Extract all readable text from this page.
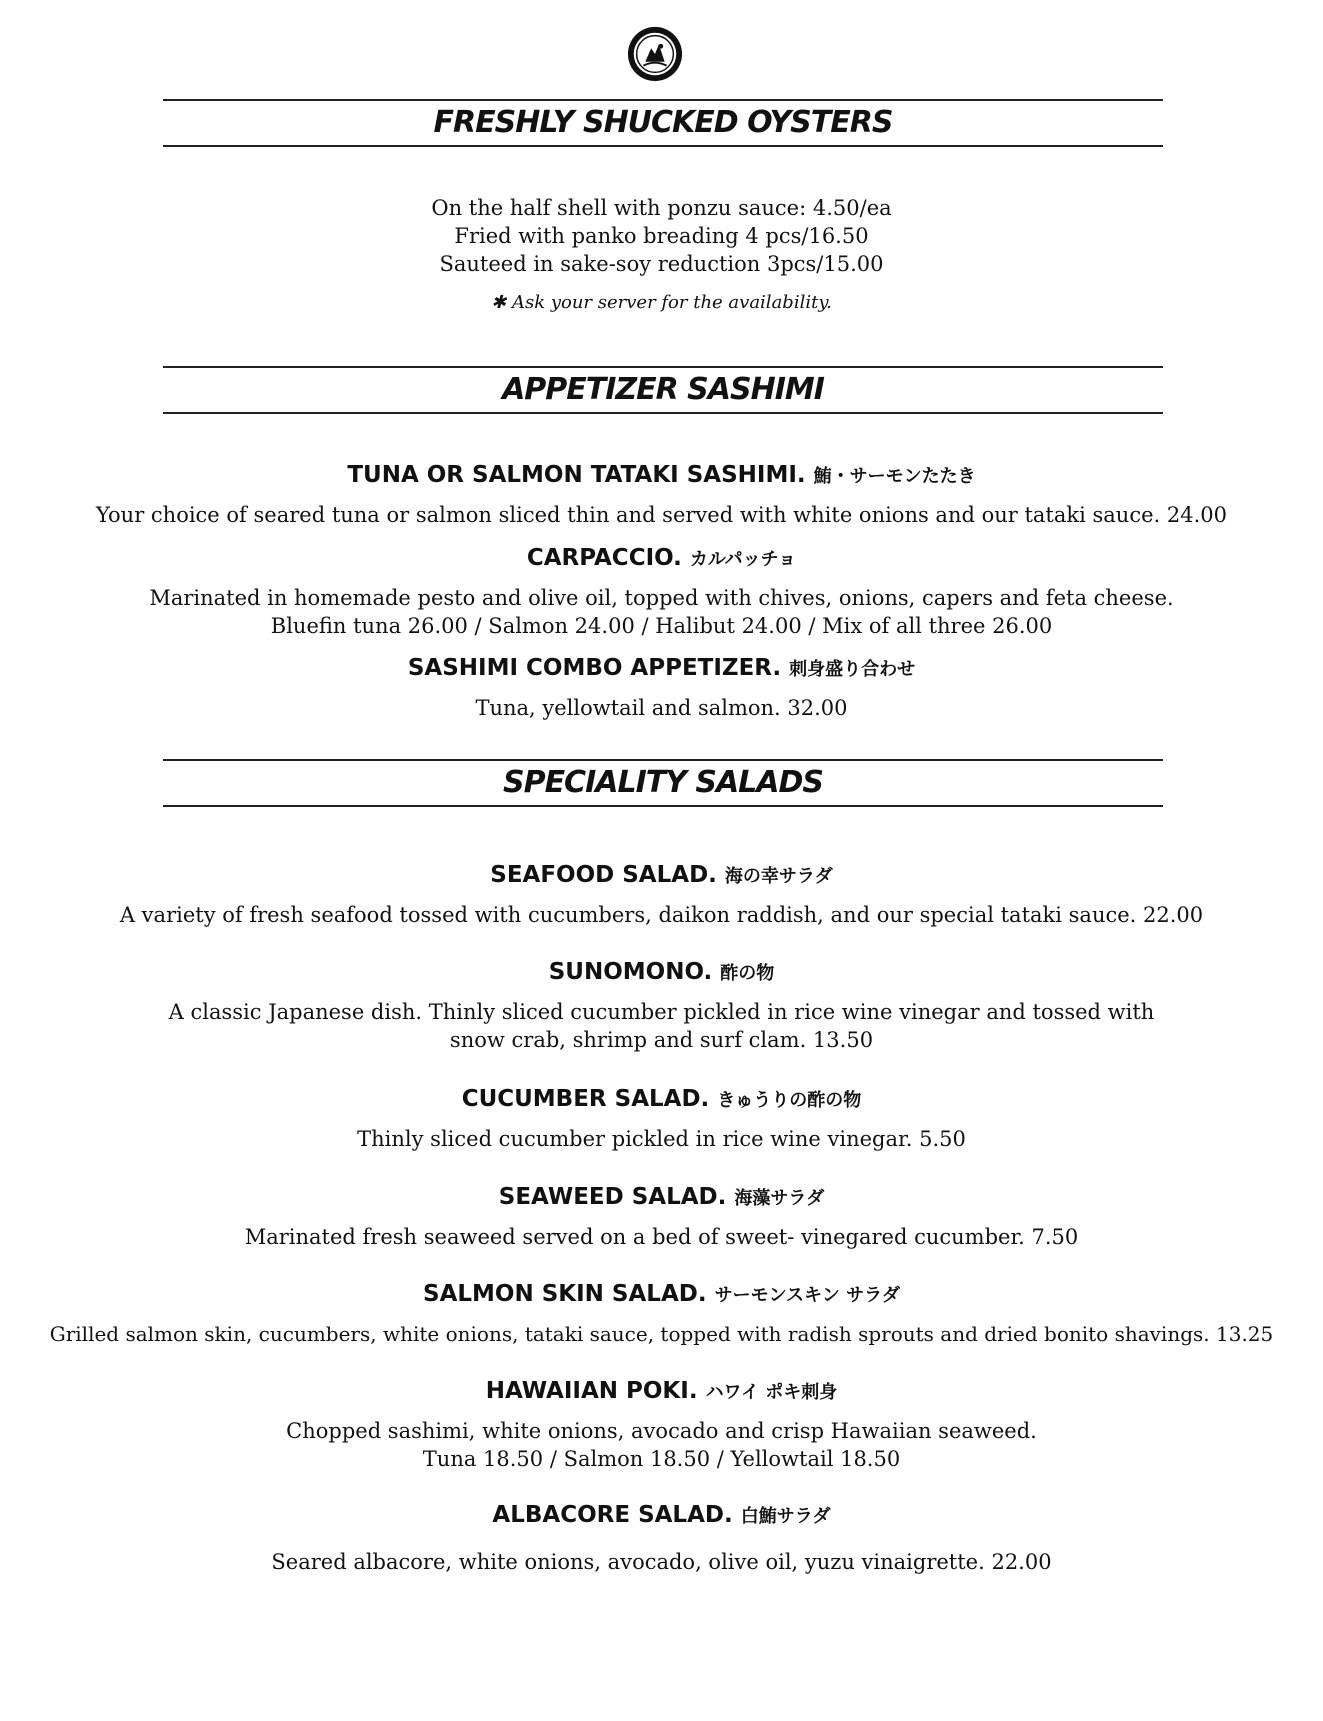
FRESHLY SHUCKED OYSTERS
On the half shell with ponzu sauce: 4.50/ea
Fried with panko breading 4 pcs/16.50
Sauteed in sake-soy reduction 3pcs/15.00
✱ Ask your server for the availability.
APPETIZER SASHIMI
TUNA OR SALMON TATAKI SASHIMI. 鮪・サーモンたたき
Your choice of seared tuna or salmon sliced thin and served with white onions and our tataki sauce. 24.00
CARPACCIO. カルパッチョ
Marinated in homemade pesto and olive oil, topped with chives, onions, capers and feta cheese.
Bluefin tuna 26.00 / Salmon 24.00 / Halibut 24.00 / Mix of all three 26.00
SASHIMI COMBO APPETIZER. 刺身盛り合わせ
Tuna, yellowtail and salmon. 32.00
SPECIALITY SALADS
SEAFOOD SALAD. 海の幸サラダ
A variety of fresh seafood tossed with cucumbers, daikon raddish, and our special tataki sauce. 22.00
SUNOMONO. 酢の物
A classic Japanese dish. Thinly sliced cucumber pickled in rice wine vinegar and tossed with
snow crab, shrimp and surf clam. 13.50
CUCUMBER SALAD. きゅうりの酢の物
Thinly sliced cucumber pickled in rice wine vinegar. 5.50
SEAWEED SALAD. 海藻サラダ
Marinated fresh seaweed served on a bed of sweet- vinegared cucumber. 7.50
SALMON SKIN SALAD. サーモンスキン サラダ
Grilled salmon skin, cucumbers, white onions, tataki sauce, topped with radish sprouts and dried bonito shavings. 13.25
HAWAIIAN POKI. ハワイ ポキ刺身
Chopped sashimi, white onions, avocado and crisp Hawaiian seaweed.
Tuna 18.50 / Salmon 18.50 / Yellowtail 18.50
ALBACORE SALAD. 白鮪サラダ
Seared albacore, white onions, avocado, olive oil, yuzu vinaigrette. 22.00
